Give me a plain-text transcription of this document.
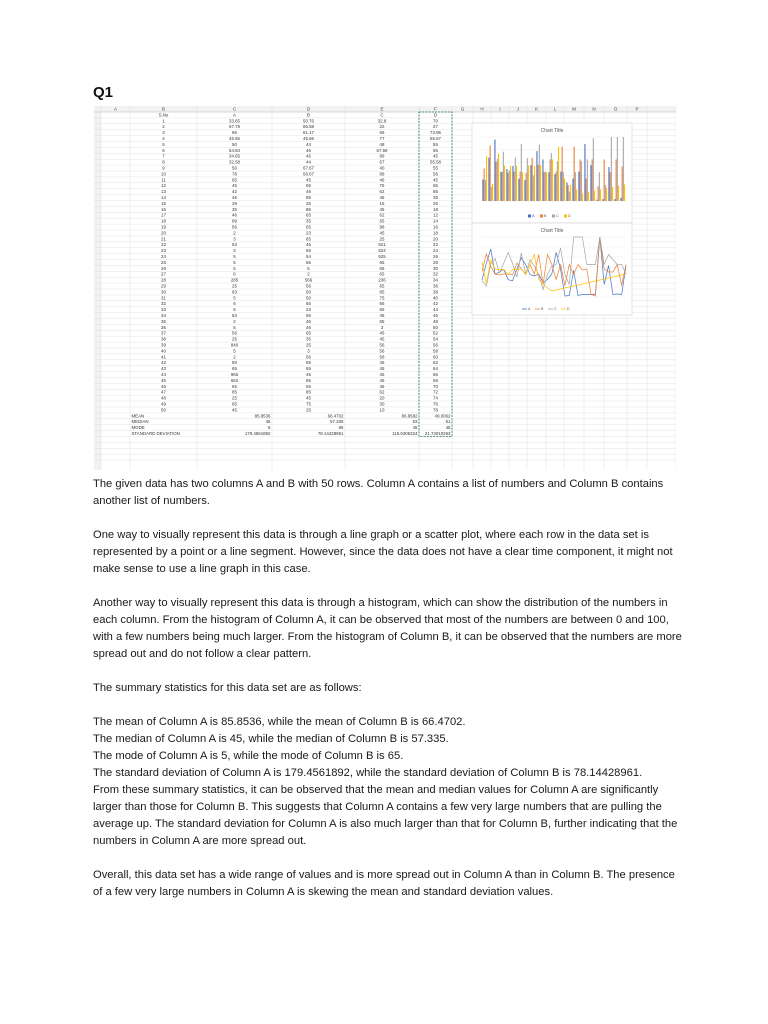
Q1
A	B	C	D	E	F	G	H	I	J	K	L	M	N	O	P
S.No	A	B	C	D
1	33.65	50.76	32.8	70
2	67.79	86.58	22	27
3	96	61.17	66	73.95
4	45.55	45.66	77	55.67
5	50	44	48	55
6	54.84	46	67.69	55
7	34.65	46	89	45
8	32.58	44	67	55.58
9	56	67.67	40	55
10	78	56.67	88	56
11	65	45	46	45
12	45	65	75	65
13	42	46	62	85
14	46	85	45	35
15	29	25	15	25
16	35	85	45	18
17	46	65	62	12
18	89	35	65	14
19	56	65	98	16
20	2	23	45	18
21	3	65	25	20
22	53	45	521	22
23	3	65	524	24
24	5	54	525	26
25	5	56	65	28
26	5	5	65	30
27	6	2	65	32
28	285	566	236	34
29	25	56	65	36
30	63	50	85	38
31	5	50	75	40
32	6	65	65	42
33	5	23	65	44
34	63	65	45	46
35	2	45	65	48
36	5	46	3	50
37	56	65	45	52
38	25	35	45	54
39	840	25	56	56
40	5	3	56	58
41	2	56	58	60
42	50	65	45	62
43	65	65	45	64
44	965	45	45	66
45	652	65	45	68
46	65	65	45	70
47	85	85	62	72
48	25	45	20	74
49	65	75	30	76
50	45	25	10	78
MEAN	85.8536	66.4702	86.9582	49.0062
MEDIAN	45	57.335	53	51
MODE	5	65	45	45
STANDARD DEVIATION	179.4561892	78.14428961	116.6305324 21.74010263
Chart Title
A	B	C	D
Chart Title
A	B	C	D

The given data has two columns A and B with 50 rows. Column A contains a list of numbers and Column B contains another list of numbers.

One way to visually represent this data is through a line graph or a scatter plot, where each row in the data set is represented by a point or a line segment. However, since the data does not have a clear time component, it might not make sense to use a line graph in this case.

Another way to visually represent this data is through a histogram, which can show the distribution of the numbers in each column. From the histogram of Column A, it can be observed that most of the numbers are between 0 and 100, with a few numbers being much larger. From the histogram of Column B, it can be observed that the numbers are more spread out and do not follow a clear pattern.

The summary statistics for this data set are as follows:

The mean of Column A is 85.8536, while the mean of Column B is 66.4702.

The median of Column A is 45, while the median of Column B is 57.335.

The mode of Column A is 5, while the mode of Column B is 65.

The standard deviation of Column A is 179.4561892, while the standard deviation of Column B is 78.14428961.

From these summary statistics, it can be observed that the mean and median values for Column A are significantly larger than those for Column B. This suggests that Column A contains a few very large numbers that are pulling the average up. The standard deviation for Column A is also much larger than that for Column B, further indicating that the numbers in Column A are more spread out.

Overall, this data set has a wide range of values and is more spread out in Column A than in Column B. The presence of a few very large numbers in Column A is skewing the mean and standard deviation values.
